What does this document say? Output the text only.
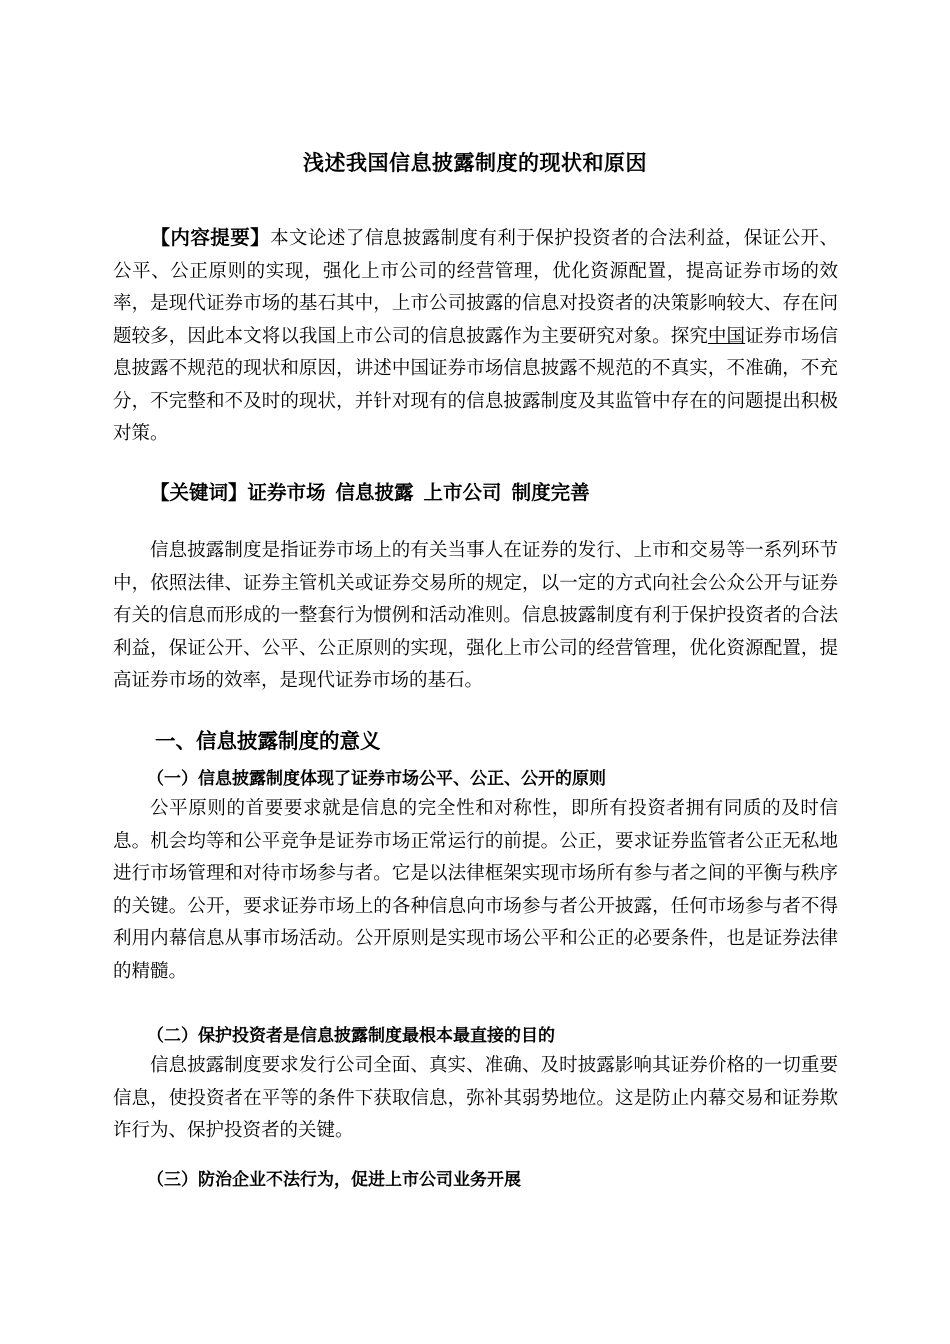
浅述我国信息披露制度的现状和原因
【内容提要】本文论述了信息披露制度有利于保护投资者的合法利益，保证公开、公平、公正原则的实现，强化上市公司的经营管理，优化资源配置，提高证券市场的效率，是现代证券市场的基石其中，上市公司披露的信息对投资者的决策影响较大、存在问题较多，因此本文将以我国上市公司的信息披露作为主要研究对象。探究中国证券市场信息披露不规范的现状和原因，讲述中国证券市场信息披露不规范的不真实，不准确，不充分，不完整和不及时的现状，并针对现有的信息披露制度及其监管中存在的问题提出积极对策。
【关键词】证券市场 信息披露 上市公司 制度完善
信息披露制度是指证券市场上的有关当事人在证券的发行、上市和交易等一系列环节中，依照法律、证券主管机关或证券交易所的规定，以一定的方式向社会公众公开与证券有关的信息而形成的一整套行为惯例和活动准则。信息披露制度有利于保护投资者的合法利益，保证公开、公平、公正原则的实现，强化上市公司的经营管理，优化资源配置，提高证券市场的效率，是现代证券市场的基石。
一、信息披露制度的意义
（一）信息披露制度体现了证券市场公平、公正、公开的原则
公平原则的首要要求就是信息的完全性和对称性，即所有投资者拥有同质的及时信息。机会均等和公平竞争是证券市场正常运行的前提。公正，要求证券监管者公正无私地进行市场管理和对待市场参与者。它是以法律框架实现市场所有参与者之间的平衡与秩序的关键。公开，要求证券市场上的各种信息向市场参与者公开披露，任何市场参与者不得利用内幕信息从事市场活动。公开原则是实现市场公平和公正的必要条件，也是证券法律的精髓。
（二）保护投资者是信息披露制度最根本最直接的目的
信息披露制度要求发行公司全面、真实、准确、及时披露影响其证券价格的一切重要信息，使投资者在平等的条件下获取信息，弥补其弱势地位。这是防止内幕交易和证券欺诈行为、保护投资者的关键。
（三）防治企业不法行为，促进上市公司业务开展
